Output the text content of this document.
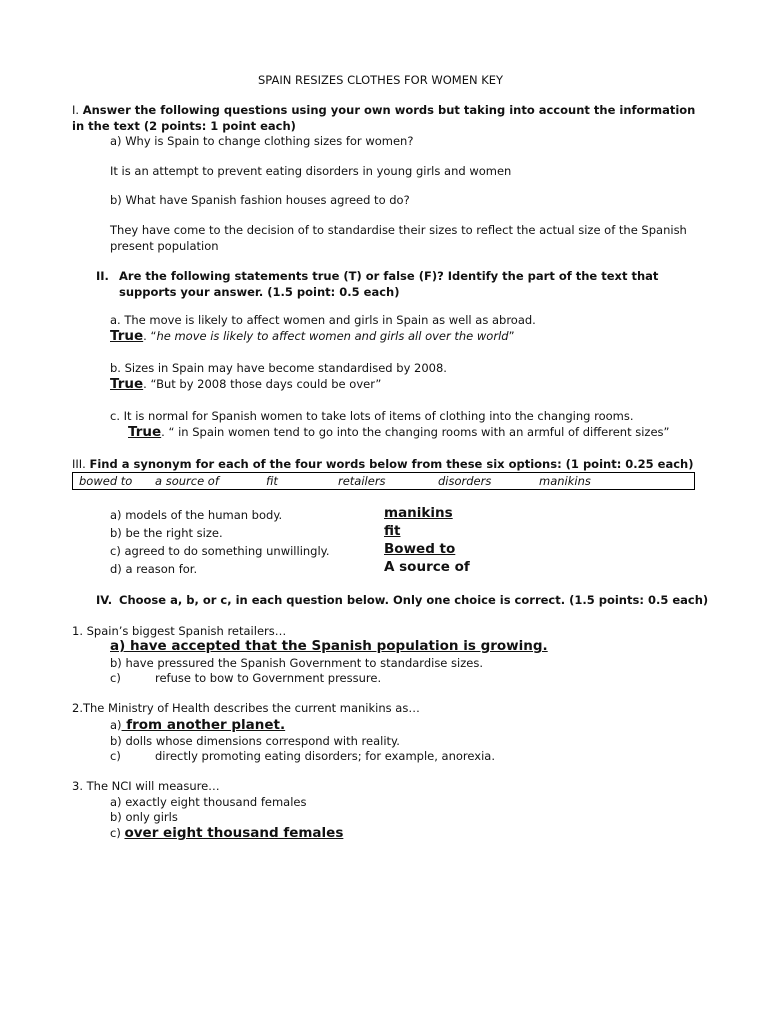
SPAIN RESIZES CLOTHES FOR WOMEN KEY
I. Answer the following questions using your own words but taking into account the information in the text (2 points: 1 point each)
a) Why is Spain to change clothing sizes for women?
It is an attempt to prevent eating disorders in young girls and women
b) What have Spanish fashion houses agreed to do?
They have come to the decision of to standardise their sizes to reflect the actual size of the Spanish present population
II. Are the following statements true (T) or false (F)? Identify the part of the text that supports your answer. (1.5 point: 0.5 each)
a. The move is likely to affect women and girls in Spain as well as abroad.
True. “he move is likely to affect women and girls all over the world”
b. Sizes in Spain may have become standardised by 2008.
True. “But by 2008 those days could be over”
c. It is normal for Spanish women to take lots of items of clothing into the changing rooms.
True. “ in Spain women tend to go into the changing rooms with an armful of different sizes”
III. Find a synonym for each of the four words below from these six options: (1 point: 0.25 each)
bowed to a source of	fit	retailers	disorders	manikins
a) models of the human body.	manikins
b) be the right size.	fit
c) agreed to do something unwillingly.	Bowed to
d) a reason for.	A source of
IV. Choose a, b, or c, in each question below. Only one choice is correct. (1.5 points: 0.5 each)
1. Spain’s biggest Spanish retailers…
a) have accepted that the Spanish population is growing.
b) have pressured the Spanish Government to standardise sizes.
c)	refuse to bow to Government pressure.
2.The Ministry of Health describes the current manikins as…
a) from another planet.
b) dolls whose dimensions correspond with reality.
c)	directly promoting eating disorders; for example, anorexia.
3. The NCI will measure…
a) exactly eight thousand females
b) only girls
c) over eight thousand females
